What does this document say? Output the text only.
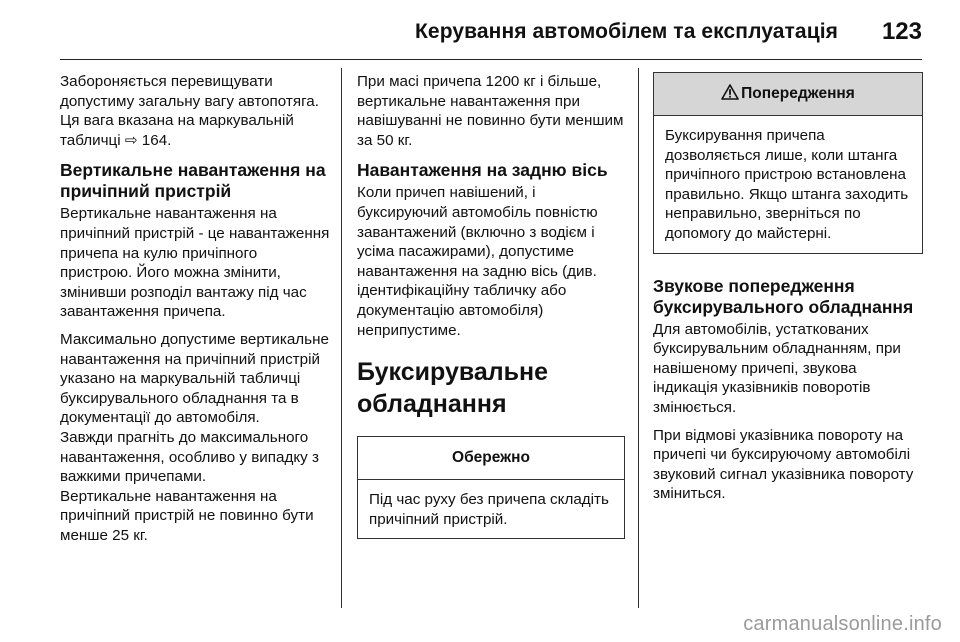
Керування автомобілем та експлуатація 123

Забороняється перевищувати допустиму загальну вагу автопотяга. Ця вага вказана на маркувальній табличці ⇨ 164.

Вертикальне навантаження на причіпний пристрій

Вертикальне навантаження на причіпний пристрій - це навантаження причепа на кулю причіпного пристрою. Його можна змінити, змінивши розподіл вантажу під час завантаження причепа.

Максимально допустиме вертикальне навантаження на причіпний пристрій указано на маркувальній табличці буксирувального обладнання та в документації до автомобіля.

Завжди прагніть до максимального навантаження, особливо у випадку з важкими причепами.

Вертикальне навантаження на причіпний пристрій не повинно бути менше 25 кг.

При масі причепа 1200 кг і більше, вертикальне навантаження при навішуванні не повинно бути меншим за 50 кг.

Навантаження на задню вісь

Коли причеп навішений, і буксируючий автомобіль повністю завантажений (включно з водієм і усіма пасажирами), допустиме навантаження на задню вісь (див. ідентифікаційну табличку або документацію автомобіля) неприпустиме.

Буксирувальне обладнання
Обережно
Під час руху без причепа складіть причіпний пристрій.
Попередження
Буксирування причепа дозволяється лише, коли штанга причіпного пристрою встановлена правильно. Якщо штанга заходить неправильно, зверніться по допомогу до майстерні.
Звукове попередження буксирувального обладнання

Для автомобілів, устаткованих буксирувальним обладнанням, при навішеному причепі, звукова індикація указівників поворотів змінюється.

При відмові указівника повороту на причепі чи буксируючому автомобілі звуковий сигнал указівника повороту зміниться.

carmanualsonline.info
